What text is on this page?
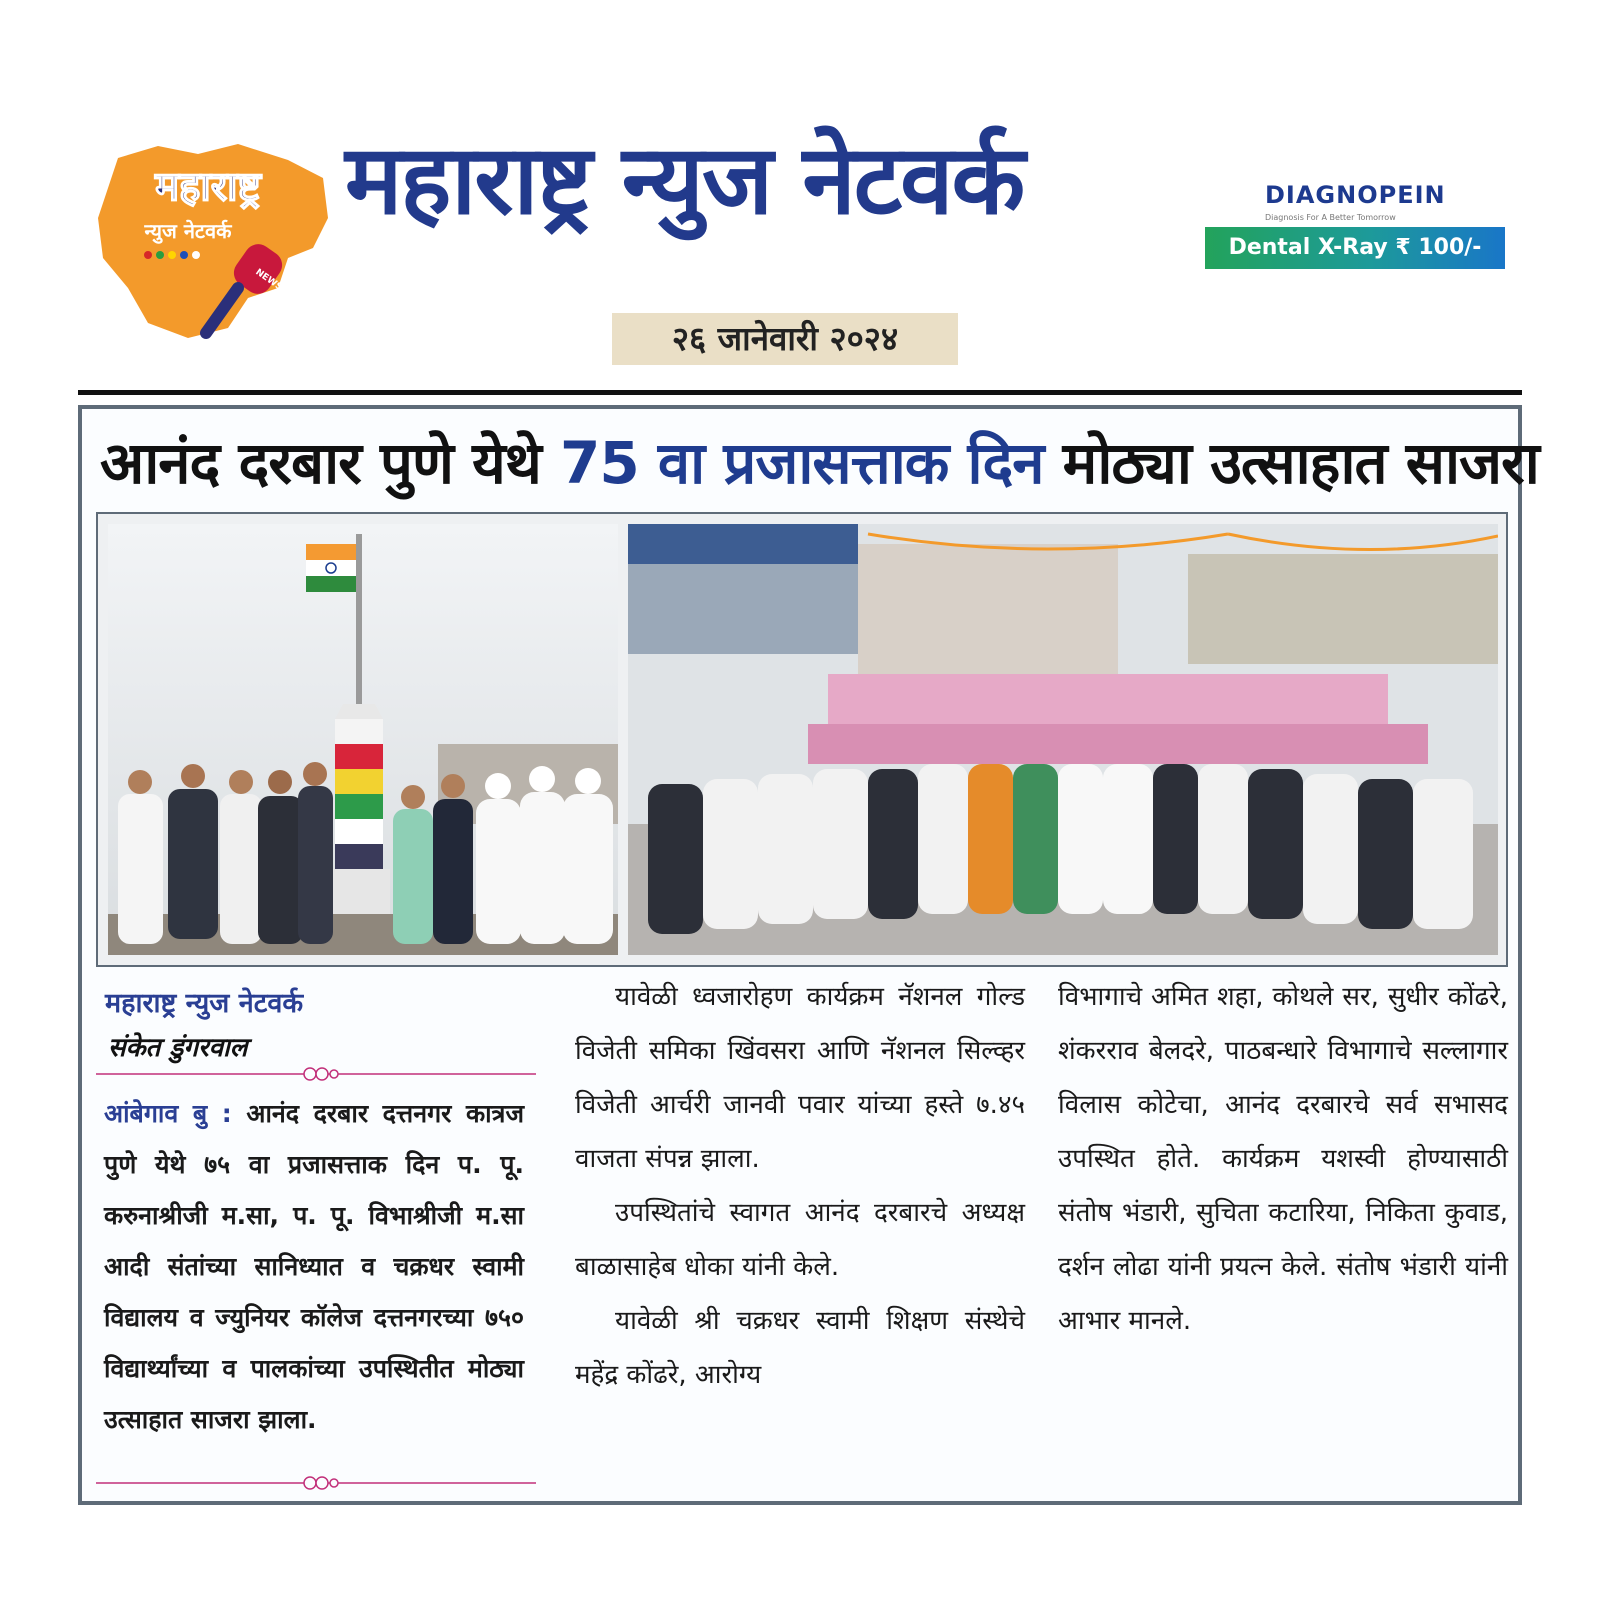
महाराष्ट्र
न्युज नेटवर्क
NEWS
महाराष्ट्र न्युज नेटवर्क	DIAGNOPEIN
Diagnosis For A Better Tomorrow
Dental X-Ray ₹ 100/-
२६ जानेवारी २०२४
आनंद दरबार पुणे येथे 75 वा प्रजासत्ताक दिन मोठ्या उत्साहात साजरा
महाराष्ट्र न्युज नेटवर्क
संकेत डुंगरवाल
आंबेगाव बु : आनंद दरबार दत्तनगर कात्रज पुणे येथे ७५ वा प्रजासत्ताक दिन प. पू. करुनाश्रीजी म.सा, प. पू. विभाश्रीजी म.सा आदी संतांच्या सानिध्यात व चक्रधर स्वामी विद्यालय व ज्युनियर कॉलेज दत्तनगरच्या ७५० विद्यार्थ्यांच्या व पालकांच्या उपस्थितीत मोठ्या उत्साहात साजरा झाला.

यावेळी ध्वजारोहण कार्यक्रम नॅशनल गोल्ड विजेती समिका खिंवसरा आणि नॅशनल सिल्व्हर विजेती आर्चरी जानवी पवार यांच्या हस्ते ७.४५ वाजता संपन्न झाला.

उपस्थितांचे स्वागत आनंद दरबारचे अध्यक्ष बाळासाहेब धोका यांनी केले.

यावेळी श्री चक्रधर स्वामी शिक्षण संस्थेचे महेंद्र कोंढरे, आरोग्य

विभागाचे अमित शहा, कोथले सर, सुधीर कोंढरे, शंकरराव बेलदरे, पाठबन्धारे विभागाचे सल्लागार विलास कोटेचा, आनंद दरबारचे सर्व सभासद उपस्थित होते. कार्यक्रम यशस्वी होण्यासाठी संतोष भंडारी, सुचिता कटारिया, निकिता कुवाड, दर्शन लोढा यांनी प्रयत्न केले. संतोष भंडारी यांनी आभार मानले.
